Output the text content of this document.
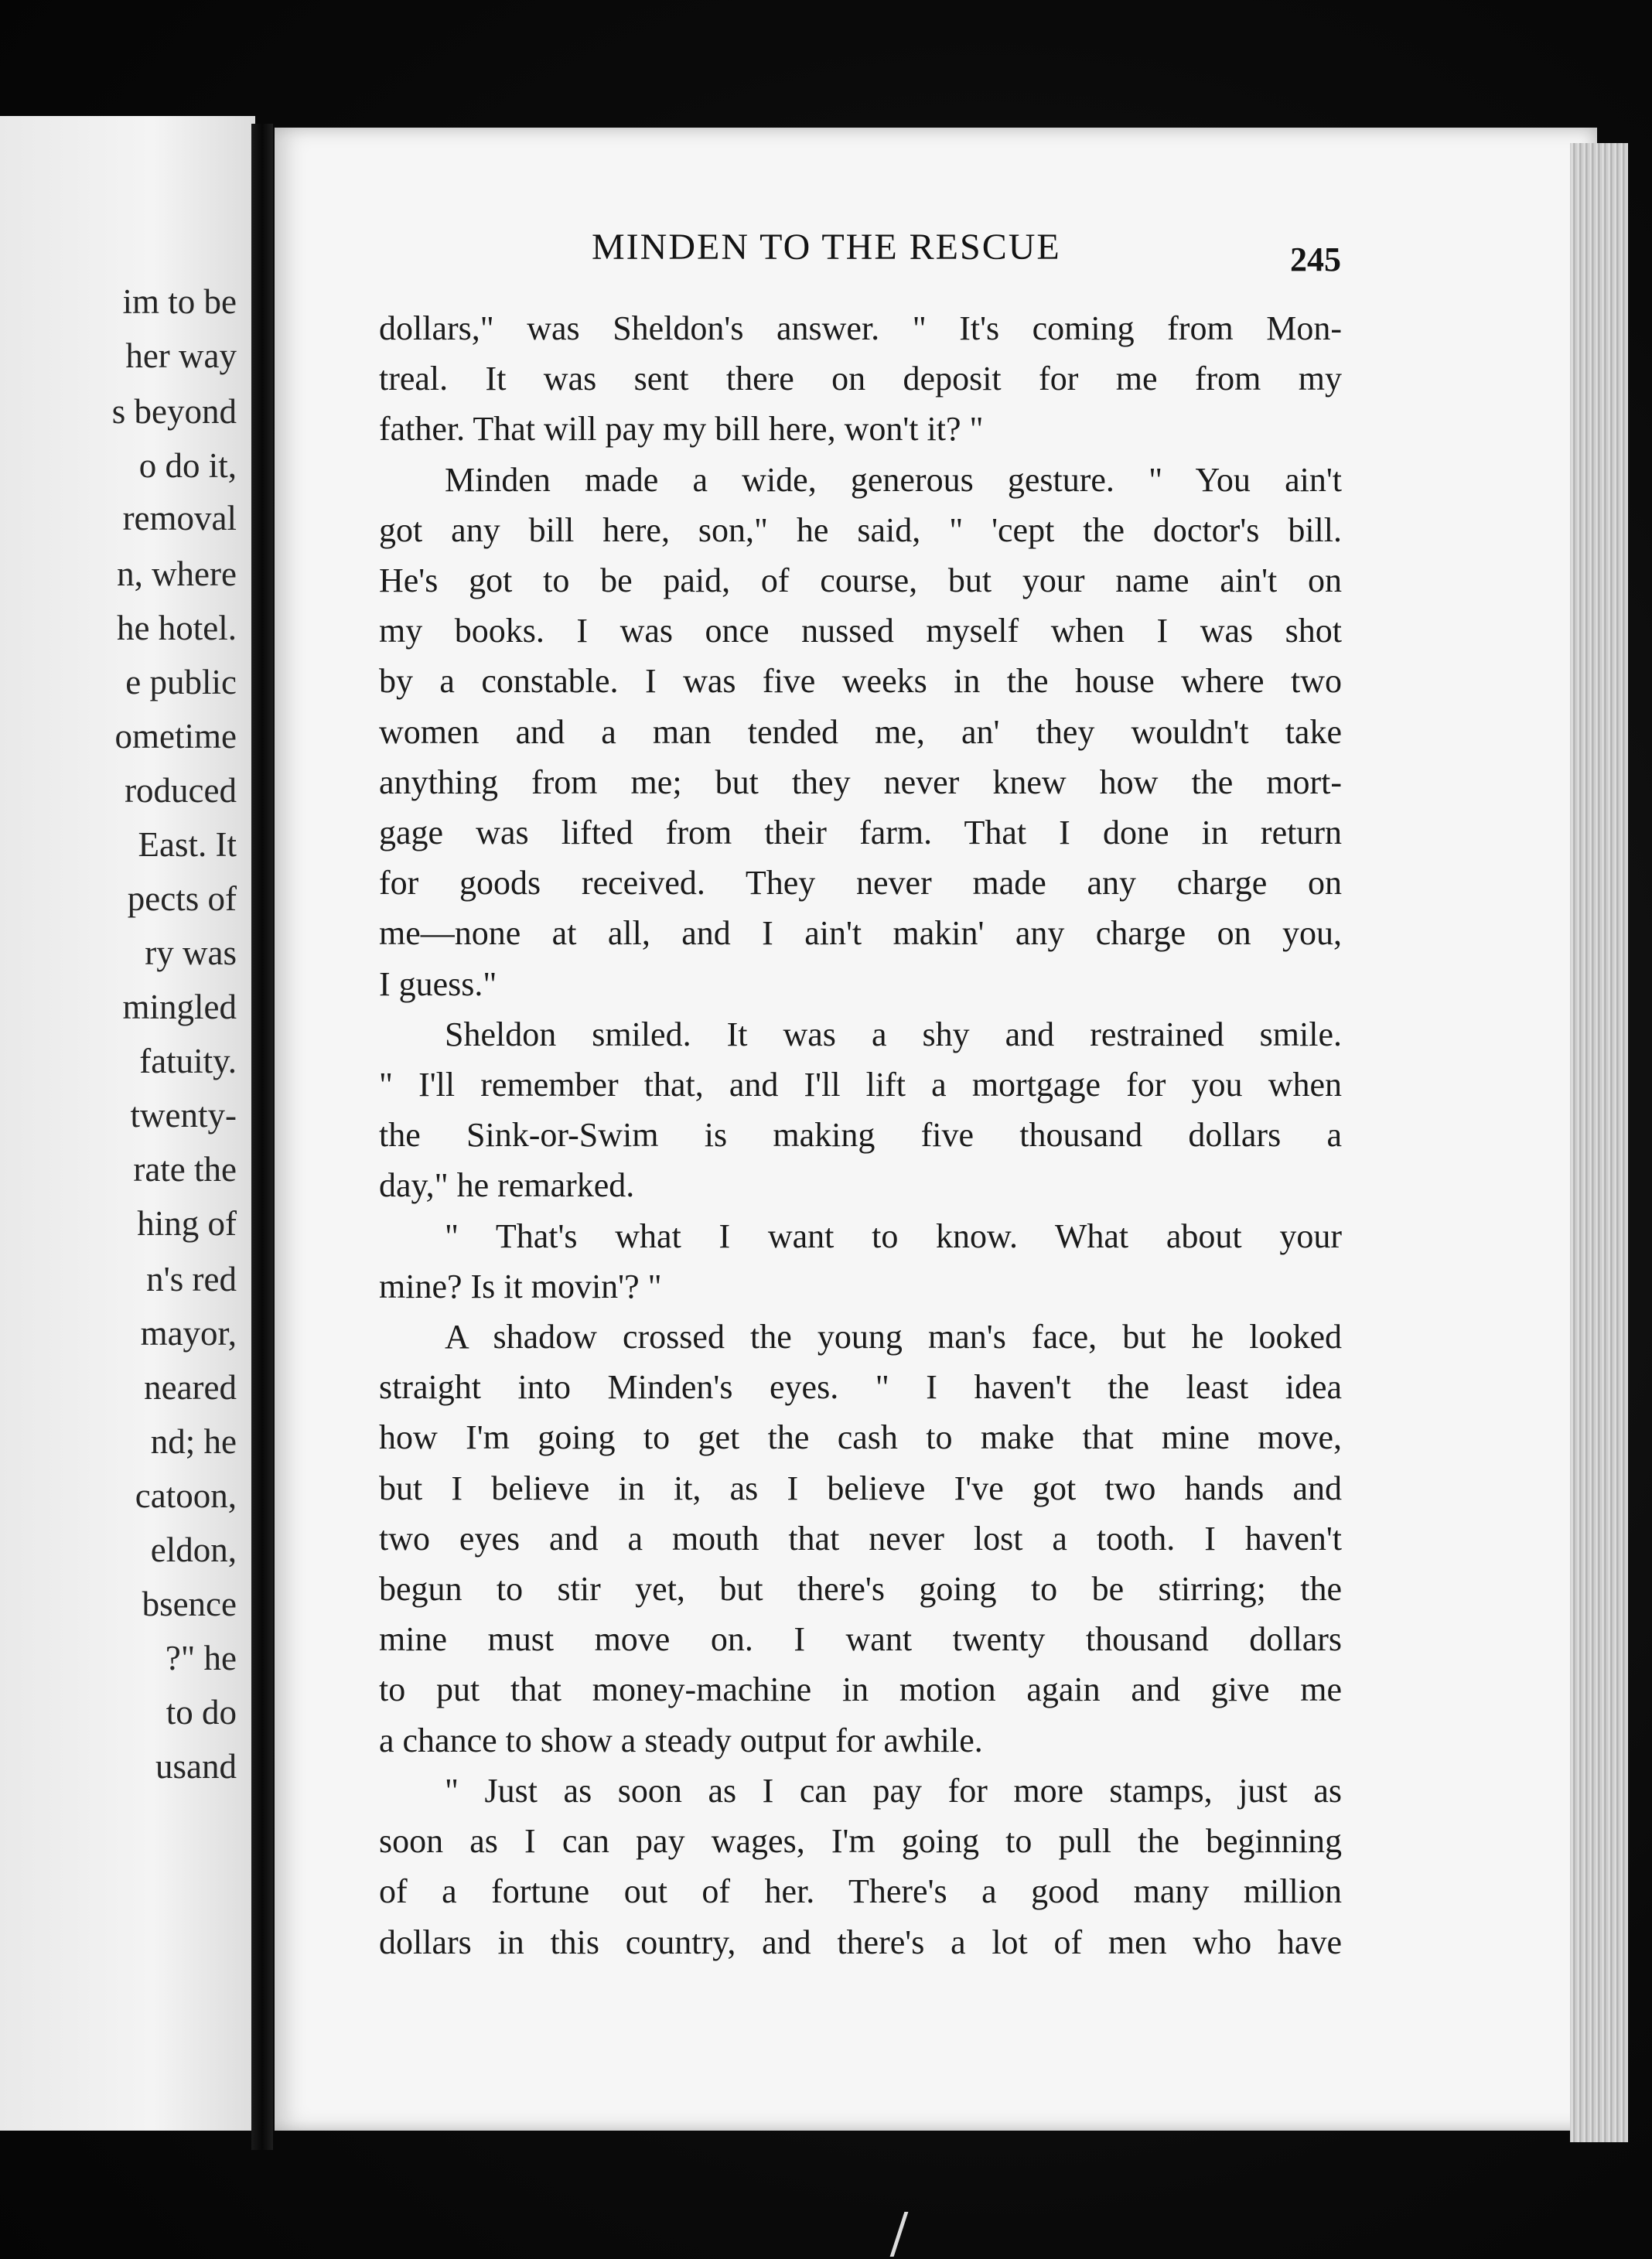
im to be
her way
s beyond
o do it,
removal
n, where
he hotel.
e public
ometime
roduced
East. It
pects of
ry was
mingled
fatuity.
twenty-
rate the
hing of
n's red
mayor,
neared
nd; he
catoon,
eldon,
bsence
?" he
to do
usand
MINDEN TO THE RESCUE	245
dollars," was Sheldon's answer. " It's coming from Mon-
treal. It was sent there on deposit for me from my
father. That will pay my bill here, won't it? "
Minden made a wide, generous gesture. " You ain't
got any bill here, son," he said, " 'cept the doctor's bill.
He's got to be paid, of course, but your name ain't on
my books. I was once nussed myself when I was shot
by a constable. I was five weeks in the house where two
women and a man tended me, an' they wouldn't take
anything from me; but they never knew how the mort-
gage was lifted from their farm. That I done in return
for goods received. They never made any charge on
me—none at all, and I ain't makin' any charge on you,
I guess."
Sheldon smiled. It was a shy and restrained smile.
" I'll remember that, and I'll lift a mortgage for you when
the Sink-or-Swim is making five thousand dollars a
day," he remarked.
" That's what I want to know. What about your
mine? Is it movin'? "
A shadow crossed the young man's face, but he looked
straight into Minden's eyes. " I haven't the least idea
how I'm going to get the cash to make that mine move,
but I believe in it, as I believe I've got two hands and
two eyes and a mouth that never lost a tooth. I haven't
begun to stir yet, but there's going to be stirring; the
mine must move on. I want twenty thousand dollars
to put that money-machine in motion again and give me
a chance to show a steady output for awhile.
" Just as soon as I can pay for more stamps, just as
soon as I can pay wages, I'm going to pull the beginning
of a fortune out of her. There's a good many million
dollars in this country, and there's a lot of men who have
